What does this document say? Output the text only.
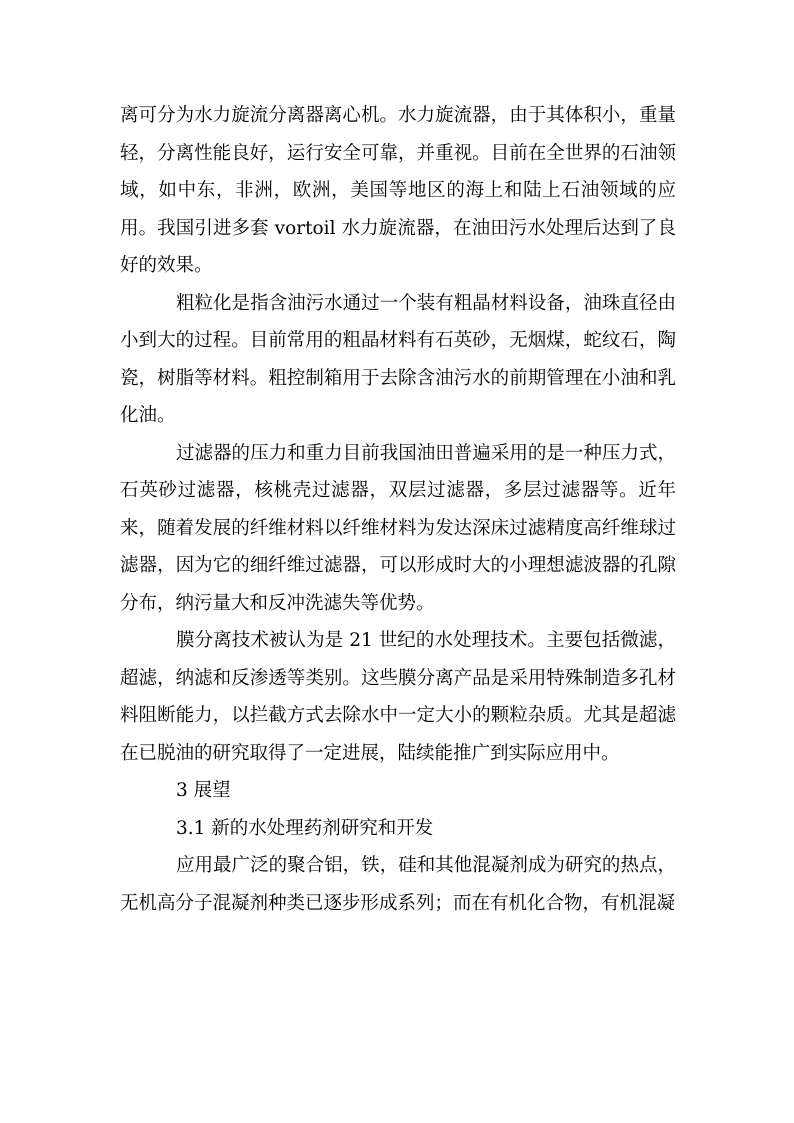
离可分为水力旋流分离器离心机。水力旋流器，由于其体积小，重量轻，分离性能良好，运行安全可靠，并重视。目前在全世界的石油领域，如中东，非洲，欧洲，美国等地区的海上和陆上石油领域的应用。我国引进多套 vortoil 水力旋流器，在油田污水处理后达到了良好的效果。

粗粒化是指含油污水通过一个装有粗晶材料设备，油珠直径由小到大的过程。目前常用的粗晶材料有石英砂，无烟煤，蛇纹石，陶瓷，树脂等材料。粗控制箱用于去除含油污水的前期管理在小油和乳化油。

过滤器的压力和重力目前我国油田普遍采用的是一种压力式，石英砂过滤器，核桃壳过滤器，双层过滤器，多层过滤器等。近年来，随着发展的纤维材料以纤维材料为发达深床过滤精度高纤维球过滤器，因为它的细纤维过滤器，可以形成时大的小理想滤波器的孔隙分布，纳污量大和反冲洗滤失等优势。

膜分离技术被认为是 21 世纪的水处理技术。主要包括微滤，超滤，纳滤和反渗透等类别。这些膜分离产品是采用特殊制造多孔材料阻断能力，以拦截方式去除水中一定大小的颗粒杂质。尤其是超滤在已脱油的研究取得了一定进展，陆续能推广到实际应用中。

3 展望

3.1 新的水处理药剂研究和开发

应用最广泛的聚合铝，铁，硅和其他混凝剂成为研究的热点，无机高分子混凝剂种类已逐步形成系列；而在有机化合物，有机混凝
